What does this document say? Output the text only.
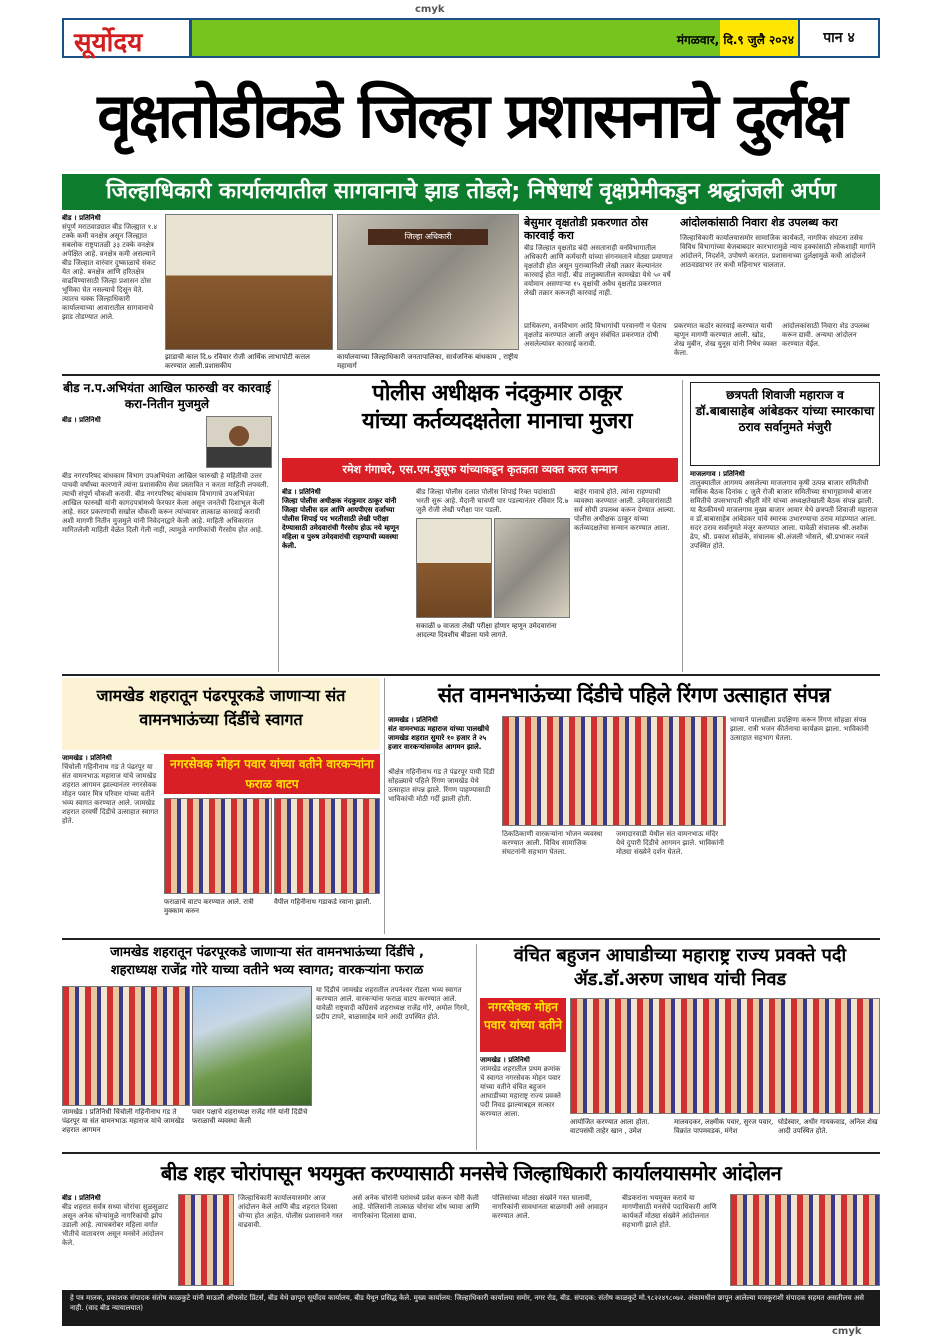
cmyk
सूर्योदय	मंगळवार, दि.९ जुलै २०२४	पान ४
वृक्षतोडीकडे जिल्हा प्रशासनाचे दुर्लक्ष
जिल्हाधिकारी कार्यालयातील सागवानाचे झाड तोडले; निषेधार्थ वृक्षप्रेमीकडुन श्रद्धांजली अर्पण
बीड । प्रतिनिधी
संपूर्ण मराठवाड्यात बीड जिल्ह्यात १.४ टक्के कमी वनक्षेत्र असून जिल्ह्यात सबलोक राष्ट्रपातळी ३३ टक्के वनक्षेत्र अपेक्षित आहे. वनक्षेत्र कमी असल्याने बीड जिल्हात वारंवार दुष्काळाचे संकट येत आहे. बनक्षेत्र आणि हरितक्षेत्र वाढविण्यासाठी जिल्हा प्रशासन ठोस भूमिका घेत नसल्याचे दिसून येते. त्यातच चक्क जिल्हाधिकारी कार्यालयाच्या आवारातील सागवानाचे झाड तोडण्यात आले.
झाडाची काल दि.७ रविवार रोजी आर्थिक लाभापोटी कत्तल करण्यात आली.प्रशासकीय
जिल्हा अधिकारी
कार्यालयाच्या जिल्हाधिकारी जनतापालिका, सार्वजनिक बांधकाम , राष्ट्रीय महामार्ग
बेसुमार वृक्षतोडी प्रकरणात ठोस कारवाई करा
बीड जिल्हात वृक्षतोड बंदी असतानाही वनविभागातील अधिकारी आणि कर्मचारी यांच्या संगनमताने मोठ्या प्रमाणात वृक्षतोडी होत असून पुराव्यानिशी लेखी तक्रार केल्यानंतर कारवाई होत नाही. बीड तालुक्यातील कामखेडा येथे ५० वर्षे वयोमान असणाऱ्या १५ वृक्षांची अवैध वृक्षतोड प्रकरणात लेखी तक्रार करूनही कारवाई नाही.
आंदोलकांसाठी निवारा शेड उपलब्ध करा
जिल्हाधिकारी कार्यालयासमोर सामाजिक कार्यकर्ते, नागरिक संघटना तसेच विविध विभागांच्या बेजबाबदार कारभारामुळे न्याय हक्कांसाठी लोकशाही मार्गाने आंदोलने, निदर्शने, उपोषणे करतात. प्रशासनाच्या दुर्लक्षामुळे कधी आंदोलने आठवड्याभर तर कधी महिनाभर चालतात.
प्राधिकरण, वनविभाग आदि विभागांची परवानगी न घेताच वृक्षतोड करण्यात आली असून संबंधित प्रकरणात दोषी असलेल्यांवर कारवाई करावी.
प्रकरणात कठोर कारवाई करण्यात यावी म्हणून मागणी करण्यात आली. खोड, शेख मुबीन, शेख युनूस यांनी निषेध व्यक्त केला.
आंदोलकांसाठी निवारा शेड उपलब्ध करून द्यावी. अन्यथा आंदोलन करण्यात येईल.
बीड न.प.अभियंता आखिल फारुखी वर कारवाई करा-नितीन मुजमुले
बीड । प्रतिनिधी
बीड नगरपरिषद बांधकाम विभाग उपअभियंता आखिल फारुखी हे महितीची उत्तर पाचवी वर्षांच्या कारणाने त्यांना प्रशासकीय सेवा प्रस्तावित न करता माहिती लपवली. त्याची संपूर्ण चौकशी करावी. बीड नगरपरिषद बांधकाम विभागाचे उपअभियंता आखिल फारुखी यांनी कागदपत्रांमध्ये फेरफार केला असून जनतेची दिशाभूल केली आहे. सदर प्रकरणाची सखोल चौकशी करून त्यांच्यावर तात्काळ कारवाई करावी अशी मागणी नितीन मुजमुले यांनी निवेदनाद्वारे केली आहे. माहिती अधिकारात मागितलेली माहिती वेळेत दिली गेली नाही, त्यामुळे नागरिकांची गैरसोय होत आहे.
पोलीस अधीक्षक नंदकुमार ठाकूर
यांच्या कर्तव्यदक्षतेला मानाचा मुजरा
रमेश गंगाधरे, एस.एम.युसूफ यांच्याकडून कृतज्ञता व्यक्त करत सन्मान
बीड । प्रतिनिधी
जिल्हा पोलीस अधीक्षक नंदकुमार ठाकूर यांनी जिल्हा पोलीस दल आणि आयपीएस दर्जाच्या पोलीस शिपाई पद भरतीसाठी लेखी परीक्षा देण्यासाठी उमेदवारांची गैरसोय होऊ नये म्हणून महिला व पुरुष उमेदवारांची राहण्याची व्यवस्था केली.
बीड जिल्हा पोलीस दलात पोलीस शिपाई रिक्त पदांसाठी भरती सुरू आहे. मैदानी चाचणी पार पडल्यानंतर रविवार दि.७ जुलै रोजी लेखी परीक्षा पार पडली.
सकाळी ७ वाजता लेखी परीक्षा होणार म्हणून उमेदवारांना आदल्या दिवशीच बीडला यावे लागते.
बाहेर गावाचे होते. त्यांना राहण्याची व्यवस्था करण्यात आली. उमेदवारांसाठी सर्व सोयी उपलब्ध करून देण्यात आल्या. पोलीस अधीक्षक ठाकूर यांच्या कर्तव्यदक्षतेचा सन्मान करण्यात आला.
छत्रपती शिवाजी महाराज व डॉ.बाबासाहेब आंबेडकर यांच्या स्मारकाचा ठराव सर्वानुमते मंजुरी
माजलगाव । प्रतिनिधी
तालुक्यातील आगमय असलेल्या माजलगाव कृषी उत्पन्न बाजार समितीची मासिक बैठक दिनांक ८ जुलै रोजी बाजार समितीच्या सभागृहामध्ये बाजार समितीचे उपसभापती श्रीहरी मोरे यांच्या अध्यक्षतेखाली बैठक संपन्न झाली. या बैठकीमध्ये माजलगाव मुख्य बाजार आवार येथे छत्रपती शिवाजी महाराज व डॉ.बाबासाहेब आंबेडकर यांचे स्मारक उभारण्याचा ठराव मांडण्यात आला. सदर ठराव सर्वानुमते मंजूर करण्यात आला. यावेळी संचालक श्री.अशोक ढेप, श्री. प्रकाश सोळंके, संचालक श्री.अंजली भोसले, श्री.प्रभाकर नवले उपस्थित होते.
जामखेड शहरातून पंढरपूरकडे जाणाऱ्या संत वामनभाऊंच्या दिंडींचे स्वागत
जामखेड । प्रतिनिधी
चिंचोली गहिनीनाथ गड ते पंढरपूर या संत वामनभाऊ महाराज यांचे जामखेड शहरात आगमन झाल्यानंतर नगरसेवक मोहन पवार मित्र परिवार यांच्या वतीने भव्य स्वागत करण्यात आले. जामखेड शहरात दरवर्षी दिंडीचे उत्साहात स्वागत होते.
नगरसेवक मोहन पवार यांच्या वतीने वारकऱ्यांना फराळ वाटप
फराळाचे वाटप करण्यात आले. रात्री मुक्काम करुन
वैपील गहिनीनाथ गडाकडे रवाना झाली.
संत वामनभाऊंच्या दिंडीचे पहिले रिंगण उत्साहात संपन्न
जामखेड । प्रतिनिधी
संत वामनभाऊ महाराज यांच्या पालखीचे जामखेड शहरात सुमारे १० हजार ते २५ हजार वारकऱ्यांसमवेत आगमन झाले.
श्रीक्षेत्र गहिनीनाथ गड ते पंढरपूर पायी दिंडी सोहळ्याचे पहिले रिंगण जामखेड येथे उत्साहात संपन्न झाले. रिंगण पाहण्यासाठी भाविकांची मोठी गर्दी झाली होती.
ठिकठिकाणी वारकऱ्यांना भोजन व्यवस्था करण्यात आली. विविध सामाजिक संघटनांनी सहभाग घेतला.
जमादारवाडी येथील संत वामनभाऊ मंदिर येथे दुपारी दिंडीचे आगमन झाले. भाविकांनी मोठ्या संख्येने दर्शन घेतले.
भाग्याने पालखीला प्रदक्षिणा करून रिंगण सोहळा संपन्न झाला. रात्री भजन कीर्तनाचा कार्यक्रम झाला. भाविकांनी उत्साहात सहभाग घेतला.
जामखेड शहरातून पंढरपूरकडे जाणाऱ्या संत वामनभाऊंच्या दिंडींचे ,
शहराध्यक्ष राजेंद्र गोरे याच्या वतीने भव्य स्वागत; वारकऱ्यांना फराळ
जामखेड । प्रतिनिधी चिंचोली गहिनीनाथ गड ते पंढरपूर या संत वामनभाऊ महाराज यांचे जामखेड शहरात आगमन
पवार पक्षाचे शहराध्यक्ष राजेंद्र गोरे यांनी दिंडीचे फराळाची व्यवस्था केली
या दिंडीचे जामखेड शहरातील तपनेश्वर रोडला भव्य स्वागत करण्यात आले. वारकऱ्यांना फराळ वाटप करण्यात आले. यावेळी राष्ट्रवादी काँग्रेसचे शहराध्यक्ष राजेंद्र गोरे, अमोल गिरमे, प्रदीप टापरे, बाळासाहेब माने आदी उपस्थित होते.
वंचित बहुजन आघाडीच्या महाराष्ट्र राज्य प्रवक्ते पदी ॲड.डॉ.अरुण जाधव यांची निवड
नगरसेवक मोहन पवार यांच्या वतीने
जामखेड । प्रतिनिधी
जामखेड शहरातील प्रथम क्रमांक चे स्वागत नगरसेवक मोहन पवार यांच्या वतीने वंचित बहुजन आघाडीच्या महाराष्ट्र राज्य प्रवक्ते पदी निवड झाल्याबद्दल सत्कार करण्यात आला.
आयोजित करण्यात आला होता. वाटपसंघी ताहेर खान , उमेश
मालवदकर, लक्ष्मीक पवार, सुरज पवार, विक्रांत पापमवडक, मंगेश
घोडेस्वार, अधीर गायकवाड, अनिल शेख आदी उपस्थित होते.
बीड शहर चोरांपासून भयमुक्त करण्यासाठी मनसेचे जिल्हाधिकारी कार्यालयासमोर आंदोलन
बीड । प्रतिनिधी
बीड शहरात सर्वत्र सध्या चोरांचा सुळसुळाट असून अनेक चोऱ्यांमुळे नागरिकांची झोप उडाली आहे. त्याचबरोबर महिला वर्गात भीतीचे वातावरण असून मनसेने आंदोलन केले.
जिल्हाधिकारी कार्यालयासमोर आज आंदोलन केले आणि बीड शहरात दिवसा चोऱ्या होत आहेत. पोलीस प्रशासनाने गस्त वाढवावी.
असे अनेक चोरांनी घरांमध्ये प्रवेश करून चोरी केली आहे. पोलिसांनी तात्काळ चोरांचा शोध घ्यावा आणि नागरिकांना दिलासा द्यावा.
पोलिसांच्या मोठ्या संख्येने गस्त घालावी, नागरिकांनी सावधानता बाळगावी असे आवाहन करण्यात आले.
बीडकरांना भयमुक्त करावे या मागणीसाठी मनसेचे पदाधिकारी आणि कार्यकर्ते मोठ्या संख्येने आंदोलनात सहभागी झाले होते.
हे पत्र मालक, प्रकाशक संपादक संतोष काळकुटे यांनी माऊली ऑफसेट प्रिंटर्स, बीड येथे छापून सूर्योदय कार्यालय, बीड येथून प्रसिद्ध केले. मुख्य कार्यालय: जिल्हाधिकारी कार्यालया समोर, नगर रोड, बीड. संपादक: संतोष काळकुटे मो.९८२२४९८०७२. अंकामधील छापून आलेल्या मजकुराशी संपादक सहमत असतीलच असे नाही. (वाद बीड न्यायालयात)
cmyk
